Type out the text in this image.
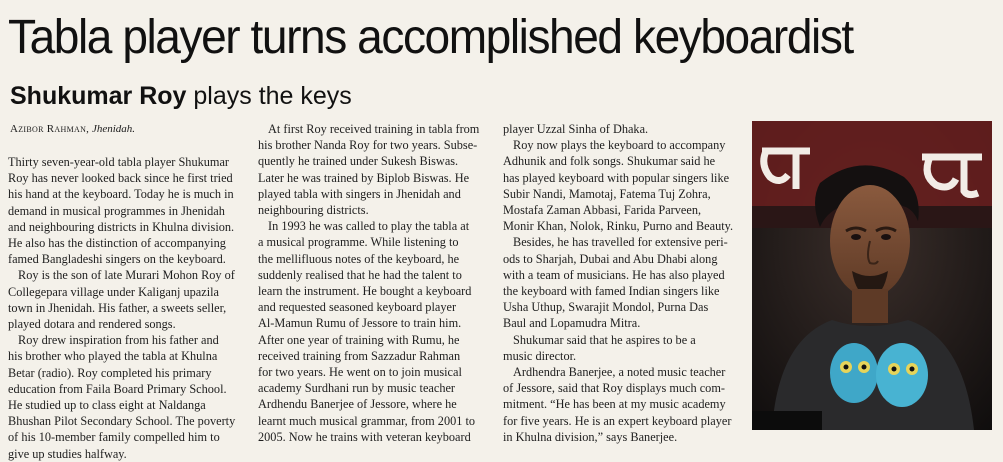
Tabla player turns accomplished keyboardist
Shukumar Roy plays the keys
Azibor Rahman, Jhenidah.

Thirty seven-year-old tabla player Shukumar

Roy has never looked back since he first tried

his hand at the keyboard. Today he is much in

demand in musical programmes in Jhenidah

and neighbouring districts in Khulna division.

He also has the distinction of accompanying

famed Bangladeshi singers on the keyboard.

Roy is the son of late Murari Mohon Roy of

Collegepara village under Kaliganj upazila

town in Jhenidah. His father, a sweets seller,

played dotara and rendered songs.

Roy drew inspiration from his father and

his brother who played the tabla at Khulna

Betar (radio). Roy completed his primary

education from Faila Board Primary School.

He studied up to class eight at Naldanga

Bhushan Pilot Secondary School. The poverty

of his 10-member family compelled him to

give up studies halfway.

At first Roy received training in tabla from

his brother Nanda Roy for two years. Subse-

quently he trained under Sukesh Biswas.

Later he was trained by Biplob Biswas. He

played tabla with singers in Jhenidah and

neighbouring districts.

In 1993 he was called to play the tabla at

a musical programme. While listening to

the mellifluous notes of the keyboard, he

suddenly realised that he had the talent to

learn the instrument. He bought a keyboard

and requested seasoned keyboard player

Al-Mamun Rumu of Jessore to train him.

After one year of training with Rumu, he

received training from Sazzadur Rahman

for two years. He went on to join musical

academy Surdhani run by music teacher

Ardhendu Banerjee of Jessore, where he

learnt much musical grammar, from 2001 to

2005. Now he trains with veteran keyboard

player Uzzal Sinha of Dhaka.

Roy now plays the keyboard to accompany

Adhunik and folk songs. Shukumar said he

has played keyboard with popular singers like

Subir Nandi, Mamotaj, Fatema Tuj Zohra,

Mostafa Zaman Abbasi, Farida Parveen,

Monir Khan, Nolok, Rinku, Purno and Beauty.

Besides, he has travelled for extensive peri-

ods to Sharjah, Dubai and Abu Dhabi along

with a team of musicians. He has also played

the keyboard with famed Indian singers like

Usha Uthup, Swarajit Mondol, Purna Das

Baul and Lopamudra Mitra.

Shukumar said that he aspires to be a

music director.

Ardhendra Banerjee, a noted music teacher

of Jessore, said that Roy displays much com-

mitment. “He has been at my music academy

for five years. He is an expert keyboard player

in Khulna division,” says Banerjee.
